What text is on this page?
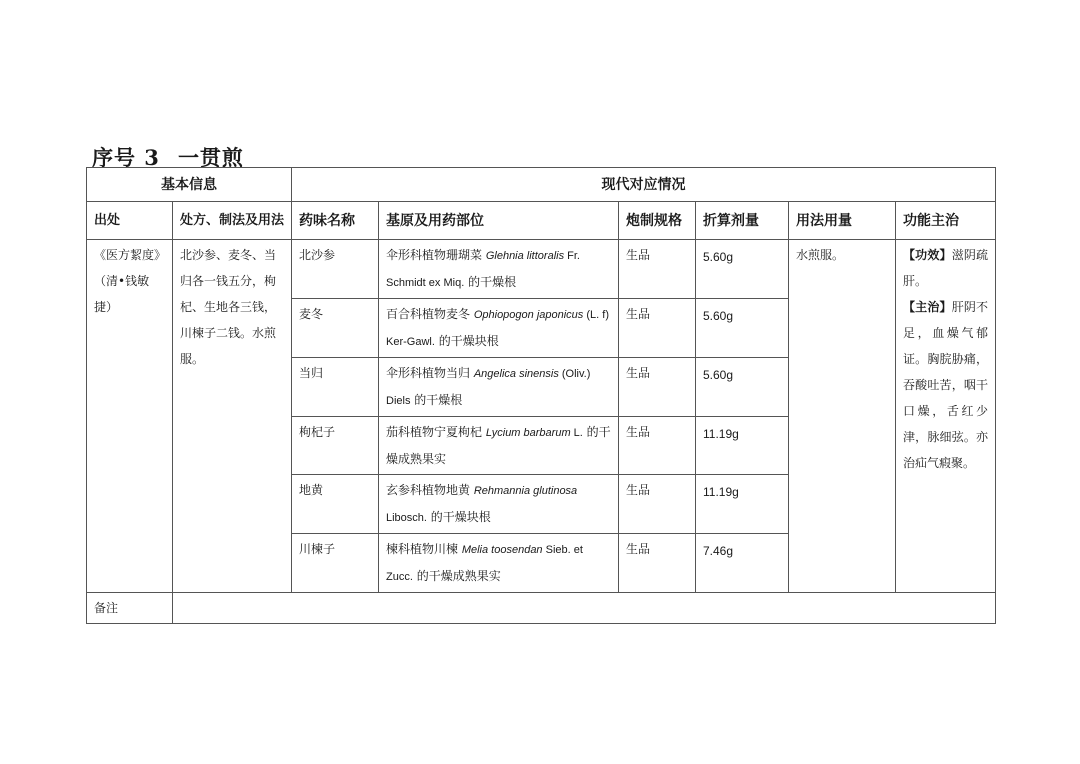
序号 3 一贯煎
基本信息		现代对应情况					
出处	处方、制法及用法	药味名称	基原及用药部位	炮制规格	折算剂量	用法用量	功能主治
《医方絜度》（清•钱敏捷）	北沙参、麦冬、当归各一钱五分，枸杞、生地各三钱，川楝子二钱。水煎服。	北沙参	伞形科植物珊瑚菜 Glehnia littoralis Fr. Schmidt ex Miq. 的干燥根	生品	5.60g	水煎服。	【功效】滋阴疏肝。

【主治】肝阴不足，血燥气郁证。胸脘胁痛，吞酸吐苦，咽干口燥，舌红少津，脉细弦。亦治疝气瘕聚。

		麦冬	百合科植物麦冬 Ophiopogon japonicus (L. f) Ker-Gawl. 的干燥块根	生品	5.60g		
		当归	伞形科植物当归 Angelica sinensis (Oliv.) Diels 的干燥根	生品	5.60g		
		枸杞子	茄科植物宁夏枸杞 Lycium barbarum L. 的干燥成熟果实	生品	11.19g		
		地黄	玄参科植物地黄 Rehmannia glutinosa Libosch. 的干燥块根	生品	11.19g		
		川楝子	楝科植物川楝 Melia toosendan Sieb. et Zucc. 的干燥成熟果实	生品	7.46g		
备注							
